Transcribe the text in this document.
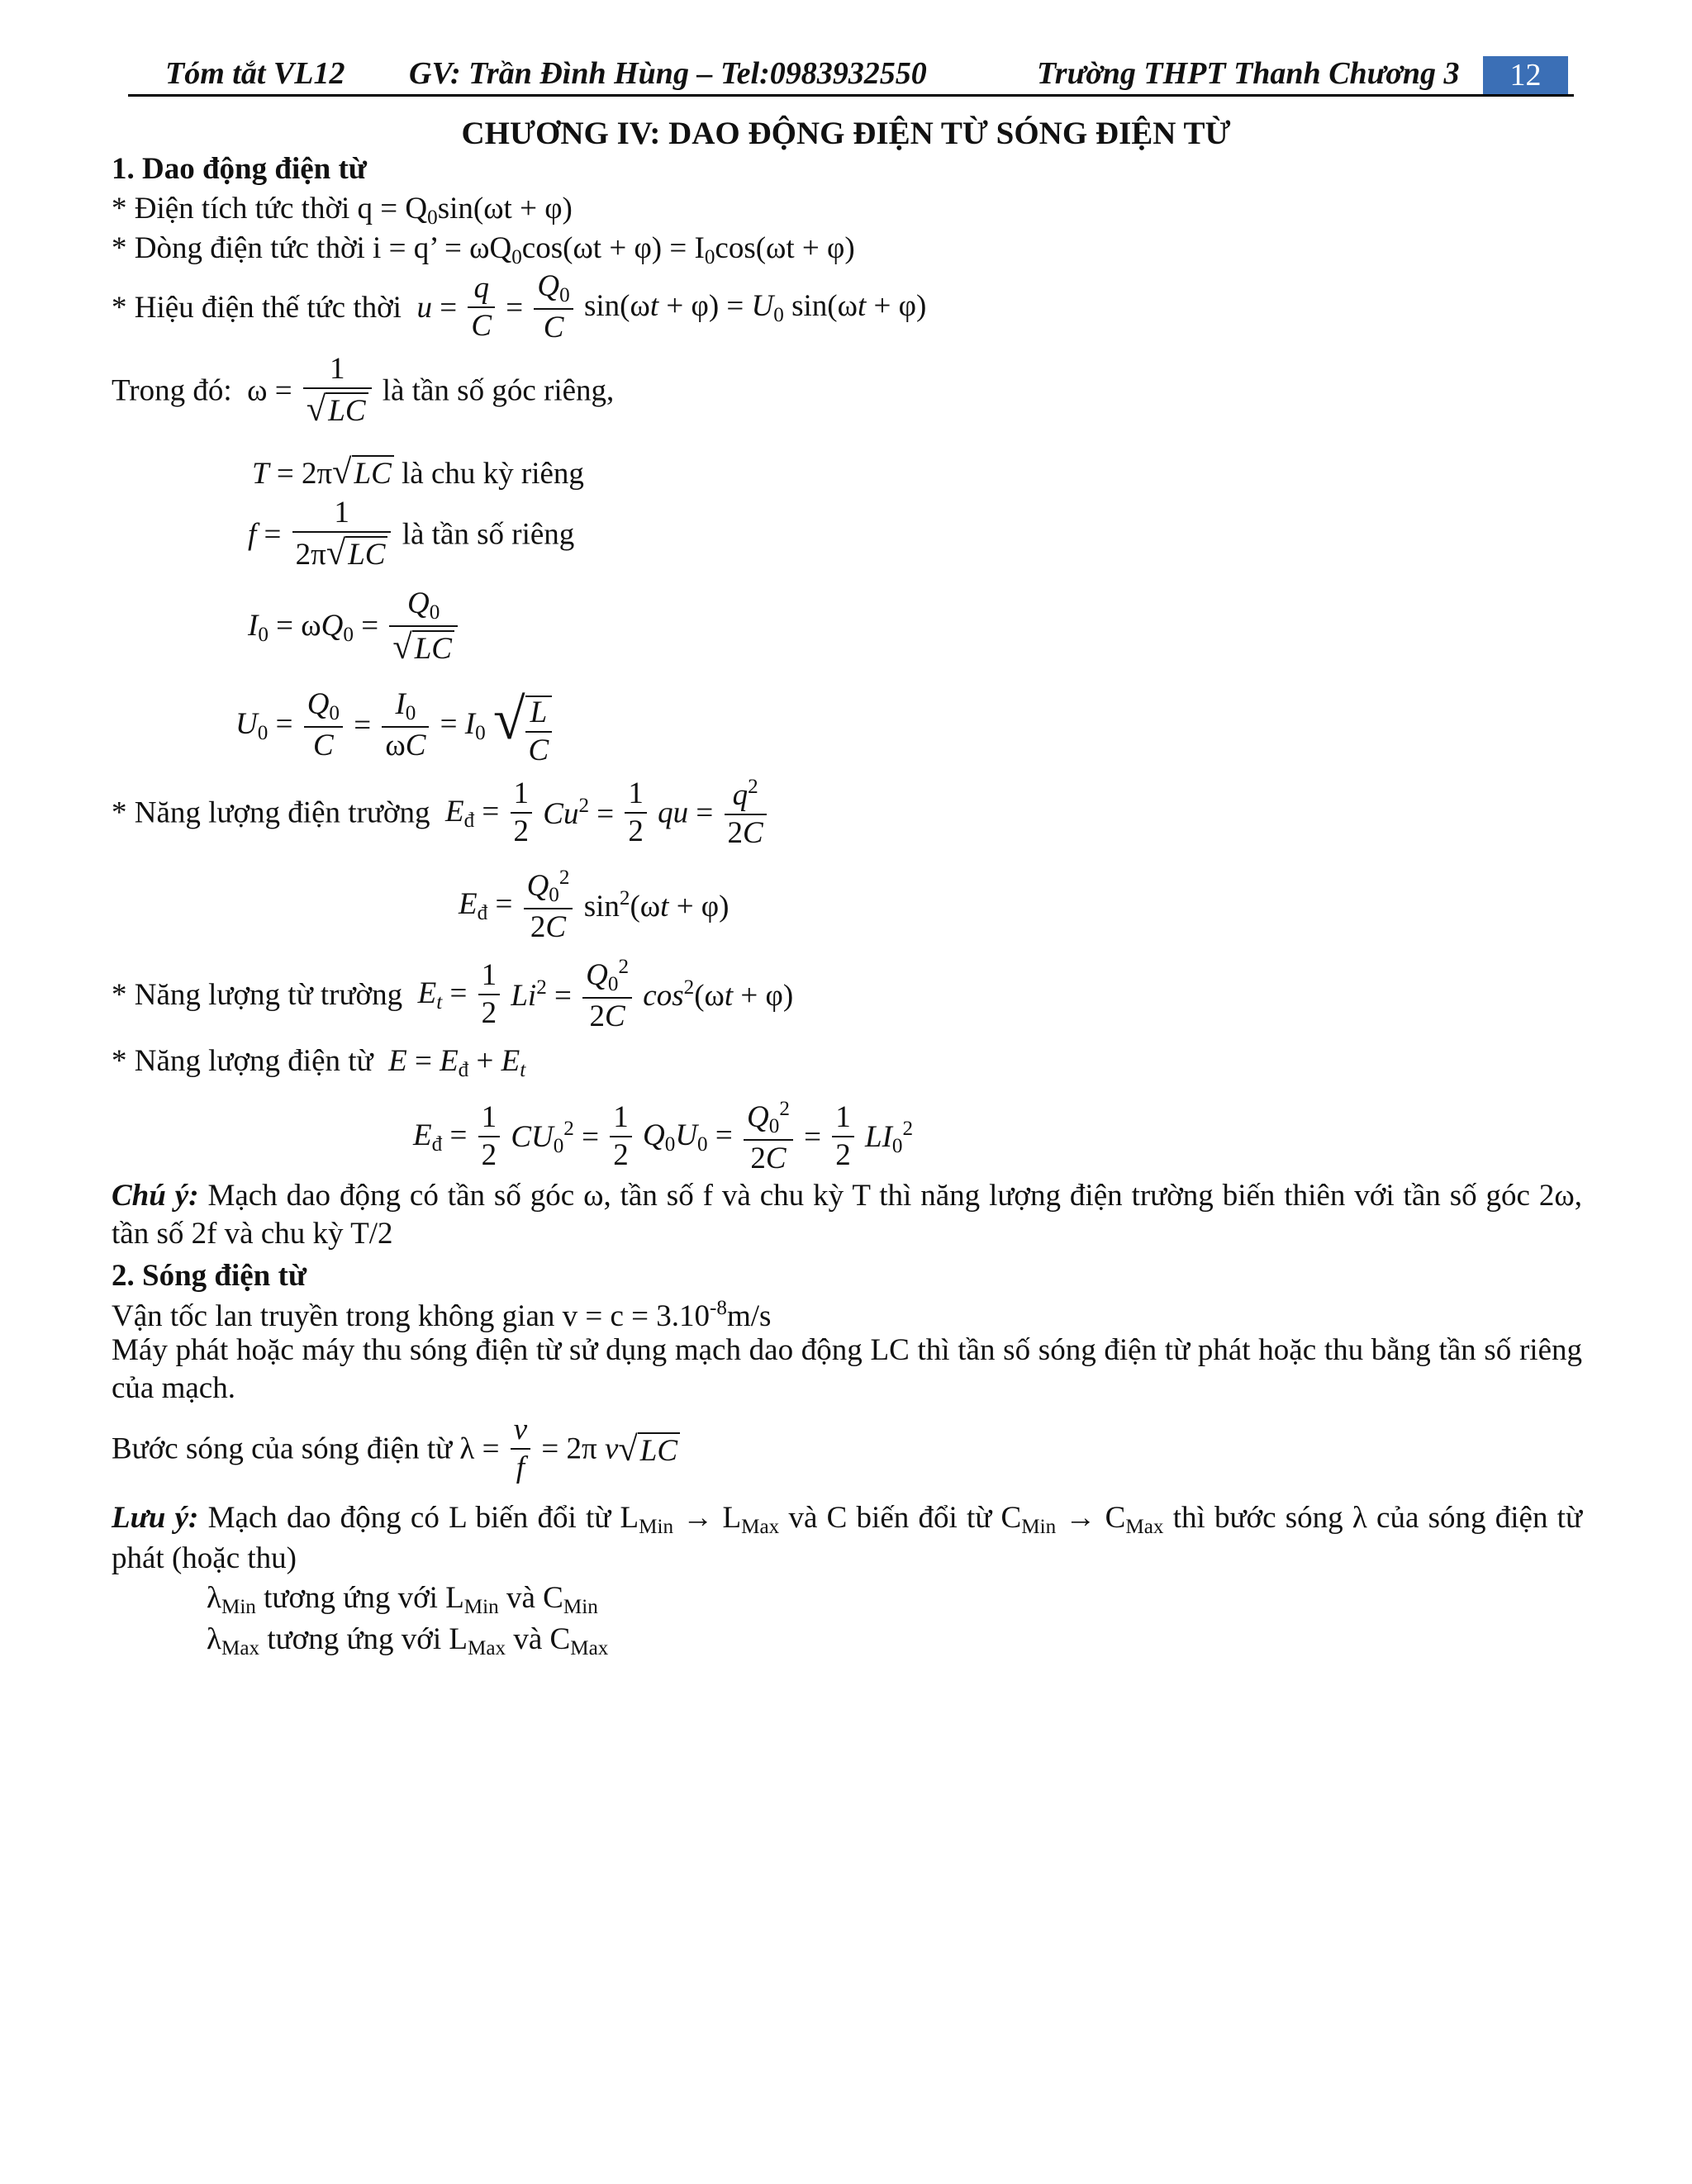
Tóm tắt VL12 GV: Trần Đình Hùng – Tel:0983932550	Trường THPT Thanh Chương 3	12
CHƯƠNG IV: DAO ĐỘNG ĐIỆN TỪ SÓNG ĐIỆN TỪ
1. Dao động điện từ
* Điện tích tức thời $q = Q_0\sin(\omega t + \varphi)$
* Dòng điện tức thời i = q’ = $\omega Q_0\cos(\omega t + \varphi) = I_0\cos(\omega t + \varphi)$
* Hiệu điện thế tức thời $u = \frac{q}{C} = \frac{Q_0}{C} \sin(\omega t + \varphi) = U_0$ sin(ωt + φ)
Trong đó:  $\omega = \frac{1}{√LC}$ là tần số góc riêng,
T = 2π√LC là chu kỳ riêng
$f = \frac{1}{2\pi√LC}$ là tần số riêng
$I_0 = \omega Q_0 = \frac{Q_0}{√LC}$
$U_0 = \frac{Q_0}{C} = \frac{I_0}{\omega C} = I_0$ √ $\frac{L}{C}$
* Năng lượng điện trường $E_đ = \frac{1}{2} Cu^2 = \frac{1}{2}$ qu = $\frac{q^2}{2C}$
$E_đ = \frac{Q_0^2}{2C} \sin^2(\omega t + \varphi)$
* Năng lượng từ trường $E_t = \frac{1}{2} Li^2 = \frac{Q_0^2}{2C} \cos^2(\omega t + \varphi)$
* Năng lượng điện từ $E = E_đ + E_t$
$E_đ = \frac{1}{2} CU_0^2 = \frac{1}{2} Q_0U_0 = \frac{Q_0^2}{2C} = \frac{1}{2} LI_0^2$
Chú ý: Mạch dao động có tần số góc ω, tần số f và chu kỳ T thì năng lượng điện trường biến thiên với tần số góc 2ω, tần số 2f và chu kỳ T/2
2. Sóng điện từ
Vận tốc lan truyền trong không gian $v = c = 3.10^{-8}m/s$
Máy phát hoặc máy thu sóng điện từ sử dụng mạch dao động LC thì tần số sóng điện từ phát hoặc thu bằng tần số riêng của mạch.
Bước sóng của sóng điện từ $\lambda = \frac{v}{f} = 2\pi$ v√LC
Lưu ý: Mạch dao động có L biến đổi từ $L_{Min} \to L_{Max}$ và C biến đổi từ $C_{Min} \to C_{Max}$ thì bước sóng λ của sóng điện từ phát (hoặc thu)
$\lambda_{Min}$ tương ứng với $L_{Min}$ và $C_{Min}$
$\lambda_{Max}$ tương ứng với $L_{Max}$ và $C_{Max}$
